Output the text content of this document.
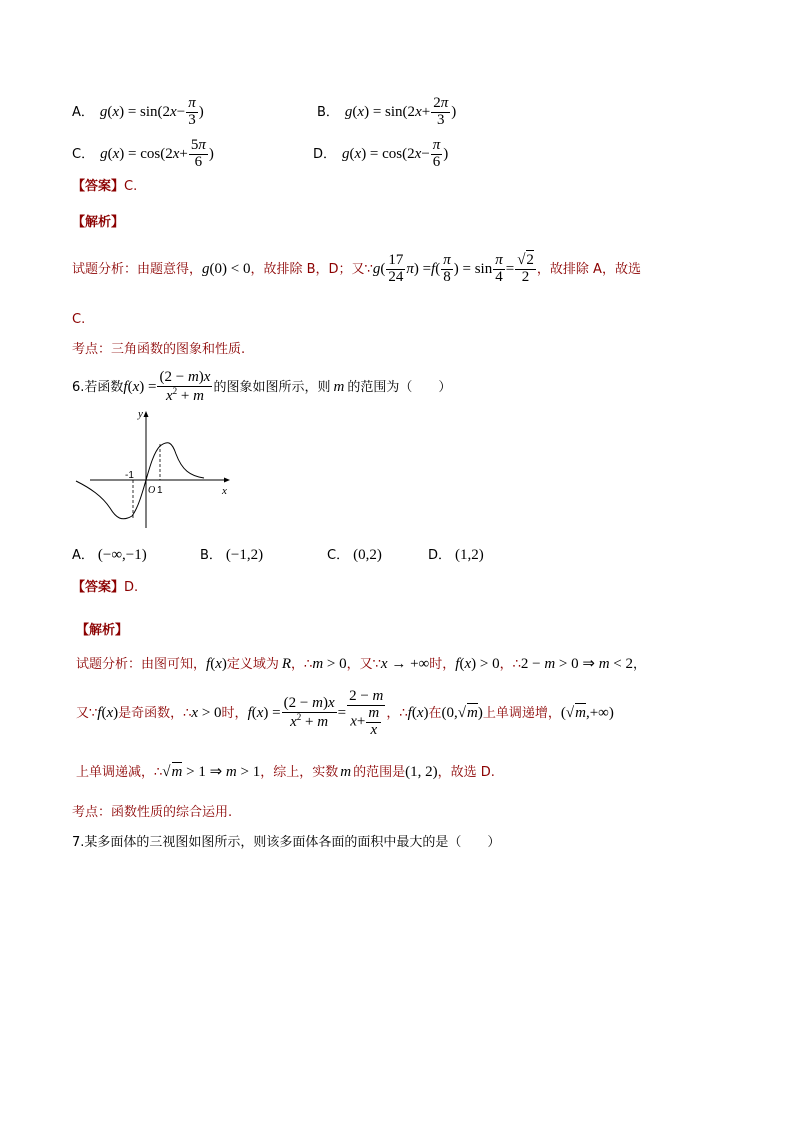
A． g ( x ) = sin(2 $x - \frac{\pi}{3}$ )	B． g ( x ) = sin(2 $x + \frac{2\pi}{3}$ )
C． g ( x ) = cos(2 $x + \frac{5\pi}{6}$ )	D． g ( x ) = cos(2 $x - \frac{\pi}{6}$ )
【答案】C.
【解析】
试题分析：由题意得， g (0) < 0 ，故排除 B，D；又∵ g ( $\frac{17}{24}$ π ) = f ( $\frac{\pi}{8}$ ) = $\sin \frac{\pi}{4} = \frac{√2}{2}$ ，故排除 A，故选
C.
考点：三角函数的图象和性质.
6.若函数 f ( x ) = $\frac{(2 - m)x}{x^2 + m}$ 的图象如图所示，则 m 的范围为（　　）
y
x
-1
O 1
A． (−∞,−1)	B． (−1,2)	C． (0,2)	D． (1,2)
【答案】D.
【解析】
试题分析：由图可知， f ( x ) 定义域为 R ，∴ m > 0 ，又∵ x → +∞ 时， f(x) > 0 ，∴ 2 − m > 0 ⇒ m < 2 ，
又∵ f(x) 是奇函数，∴ x > 0 时， $f(x) = \frac{(2 - m)x}{x^2 + m} = \frac{2 - m}{x+ \frac{m}{x}}$ ，∴ f(x) 在 (0,√m) 上单调递增， (√m,+∞)
上单调递减，∴ √m > 1 ⇒ m > 1 ，综上，实数 m 的范围是 (1, 2) ，故选 D.
考点：函数性质的综合运用.
7.某多面体的三视图如图所示，则该多面体各面的面积中最大的是（　　）
